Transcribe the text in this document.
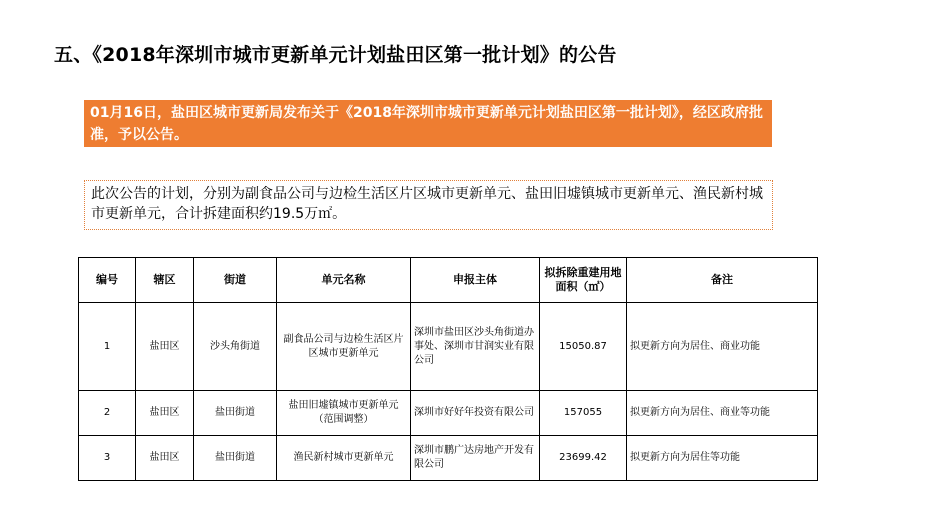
五、《2018年深圳市城市更新单元计划盐田区第一批计划》的公告
01月16日，盐田区城市更新局发布关于《2018年深圳市城市更新单元计划盐田区第一批计划》，经区政府批准，予以公告。
此次公告的计划，分别为副食品公司与边检生活区片区城市更新单元、盐田旧墟镇城市更新单元、渔民新村城市更新单元，合计拆建面积约19.5万㎡。
编号	辖区	街道	单元名称	申报主体	拟拆除重建用地面积（㎡）	备注
1	盐田区	沙头角街道	副食品公司与边检生活区片区城市更新单元	深圳市盐田区沙头角街道办事处、深圳市甘润实业有限公司	15050.87	拟更新方向为居住、商业功能
2	盐田区	盐田街道	盐田旧墟镇城市更新单元（范围调整）	深圳市好好年投资有限公司	157055	拟更新方向为居住、商业等功能
3	盐田区	盐田街道	渔民新村城市更新单元	深圳市鹏广达房地产开发有限公司	23699.42	拟更新方向为居住等功能
